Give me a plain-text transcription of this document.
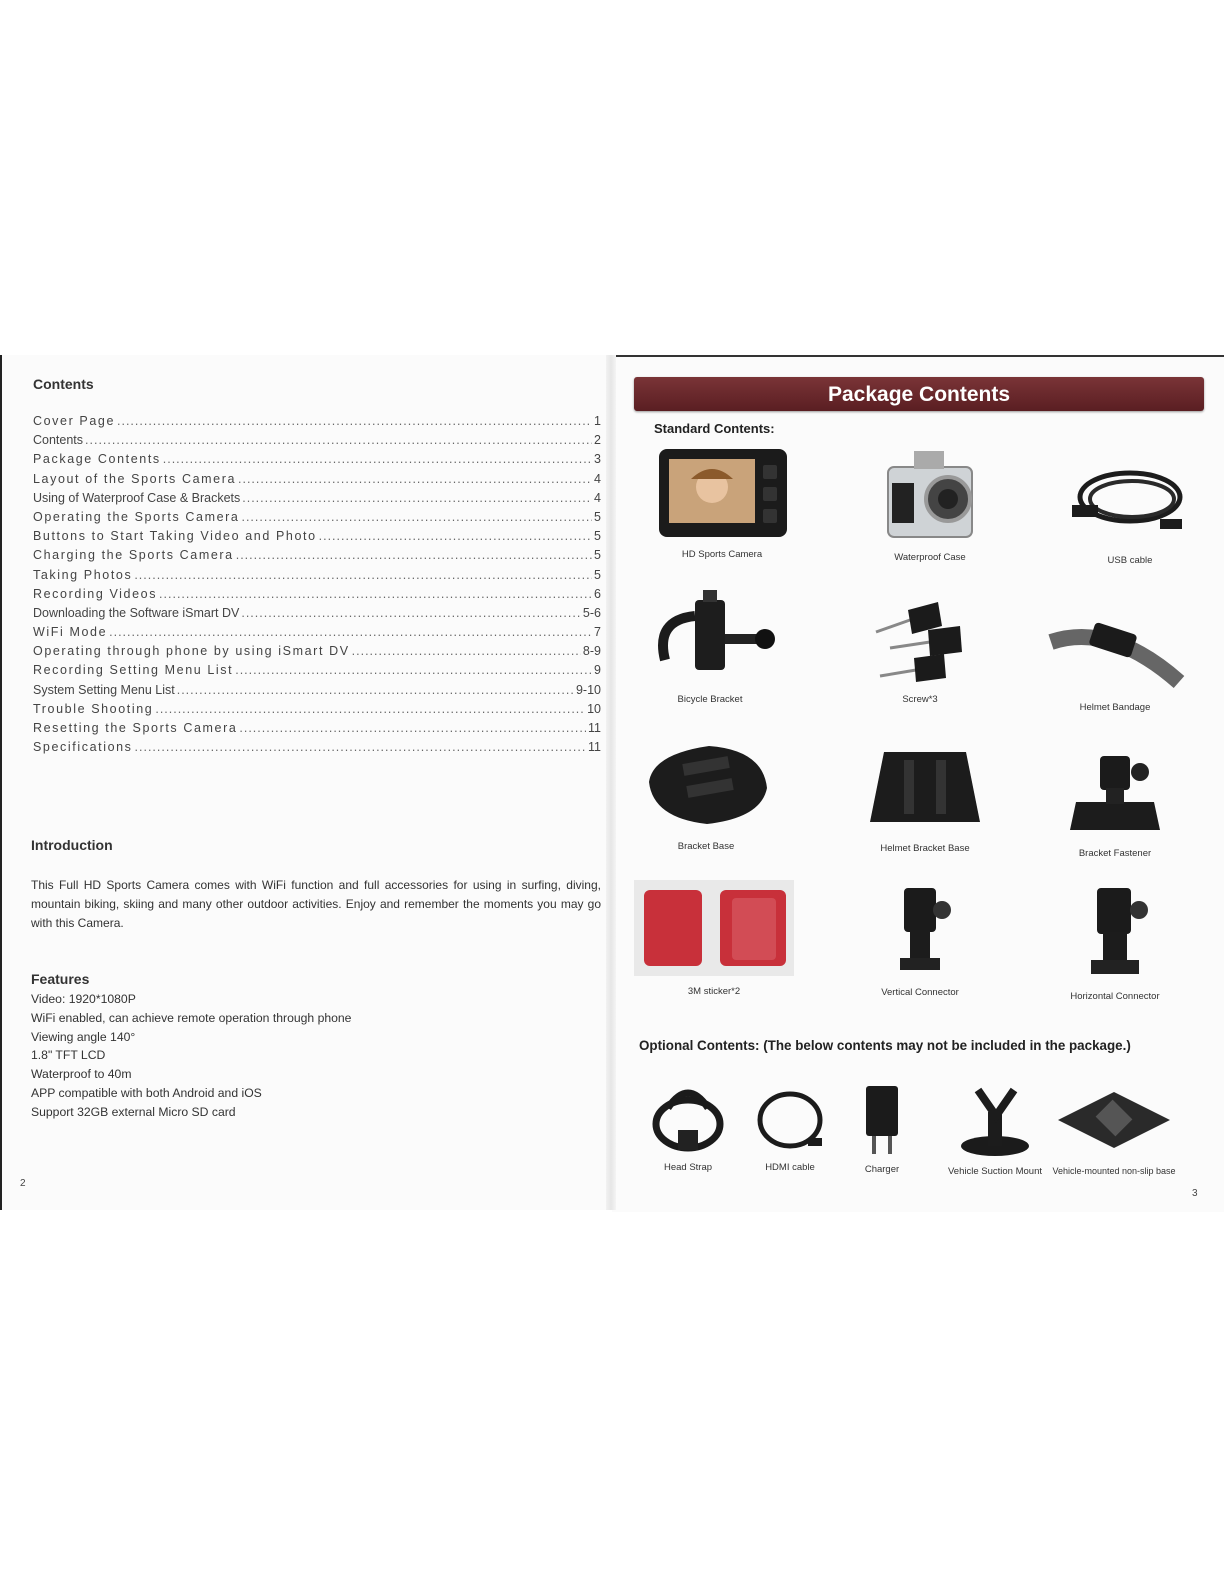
Contents
Cover Page .....	1
Contents .....	2
Package Contents .....	3
Layout of the Sports Camera .....	4
Using of Waterproof Case & Brackets .....	4
Operating the Sports Camera .....	5
Buttons to Start Taking Video and Photo .....	5
Charging the Sports Camera .....	5
Taking Photos .....	5
Recording Videos .....	6
Downloading the Software iSmart DV .....	5-6
WiFi Mode .....	7
Operating through phone by using iSmart DV .....	8-9
Recording Setting Menu List .....	9
System Setting Menu List .....	9-10
Trouble Shooting .....	10
Resetting the Sports Camera .....	11
Specifications .....	11
Introduction
This Full HD Sports Camera comes with WiFi function and full accessories for using in surfing, diving, mountain biking, skiing and many other outdoor activities. Enjoy and remember the moments you may go with this Camera.
Features
Video: 1920*1080P
WiFi enabled, can achieve remote operation through phone
Viewing angle 140°
1.8" TFT LCD
Waterproof to 40m
APP compatible with both Android and iOS
Support 32GB external Micro SD card
2
Package Contents
Standard Contents:
HD Sports Camera	Waterproof Case	USB cable
Bicycle Bracket	Screw*3
Helmet Bandage
Bracket Base	Helmet Bracket Base	Bracket Fastener
3M sticker*2	Vertical Connector	Horizontal Connector
Optional Contents: (The below contents may not be included in the package.)
Head Strap	HDMI cable	Charger	Vehicle Suction Mount	Vehicle-mounted non-slip base
3
